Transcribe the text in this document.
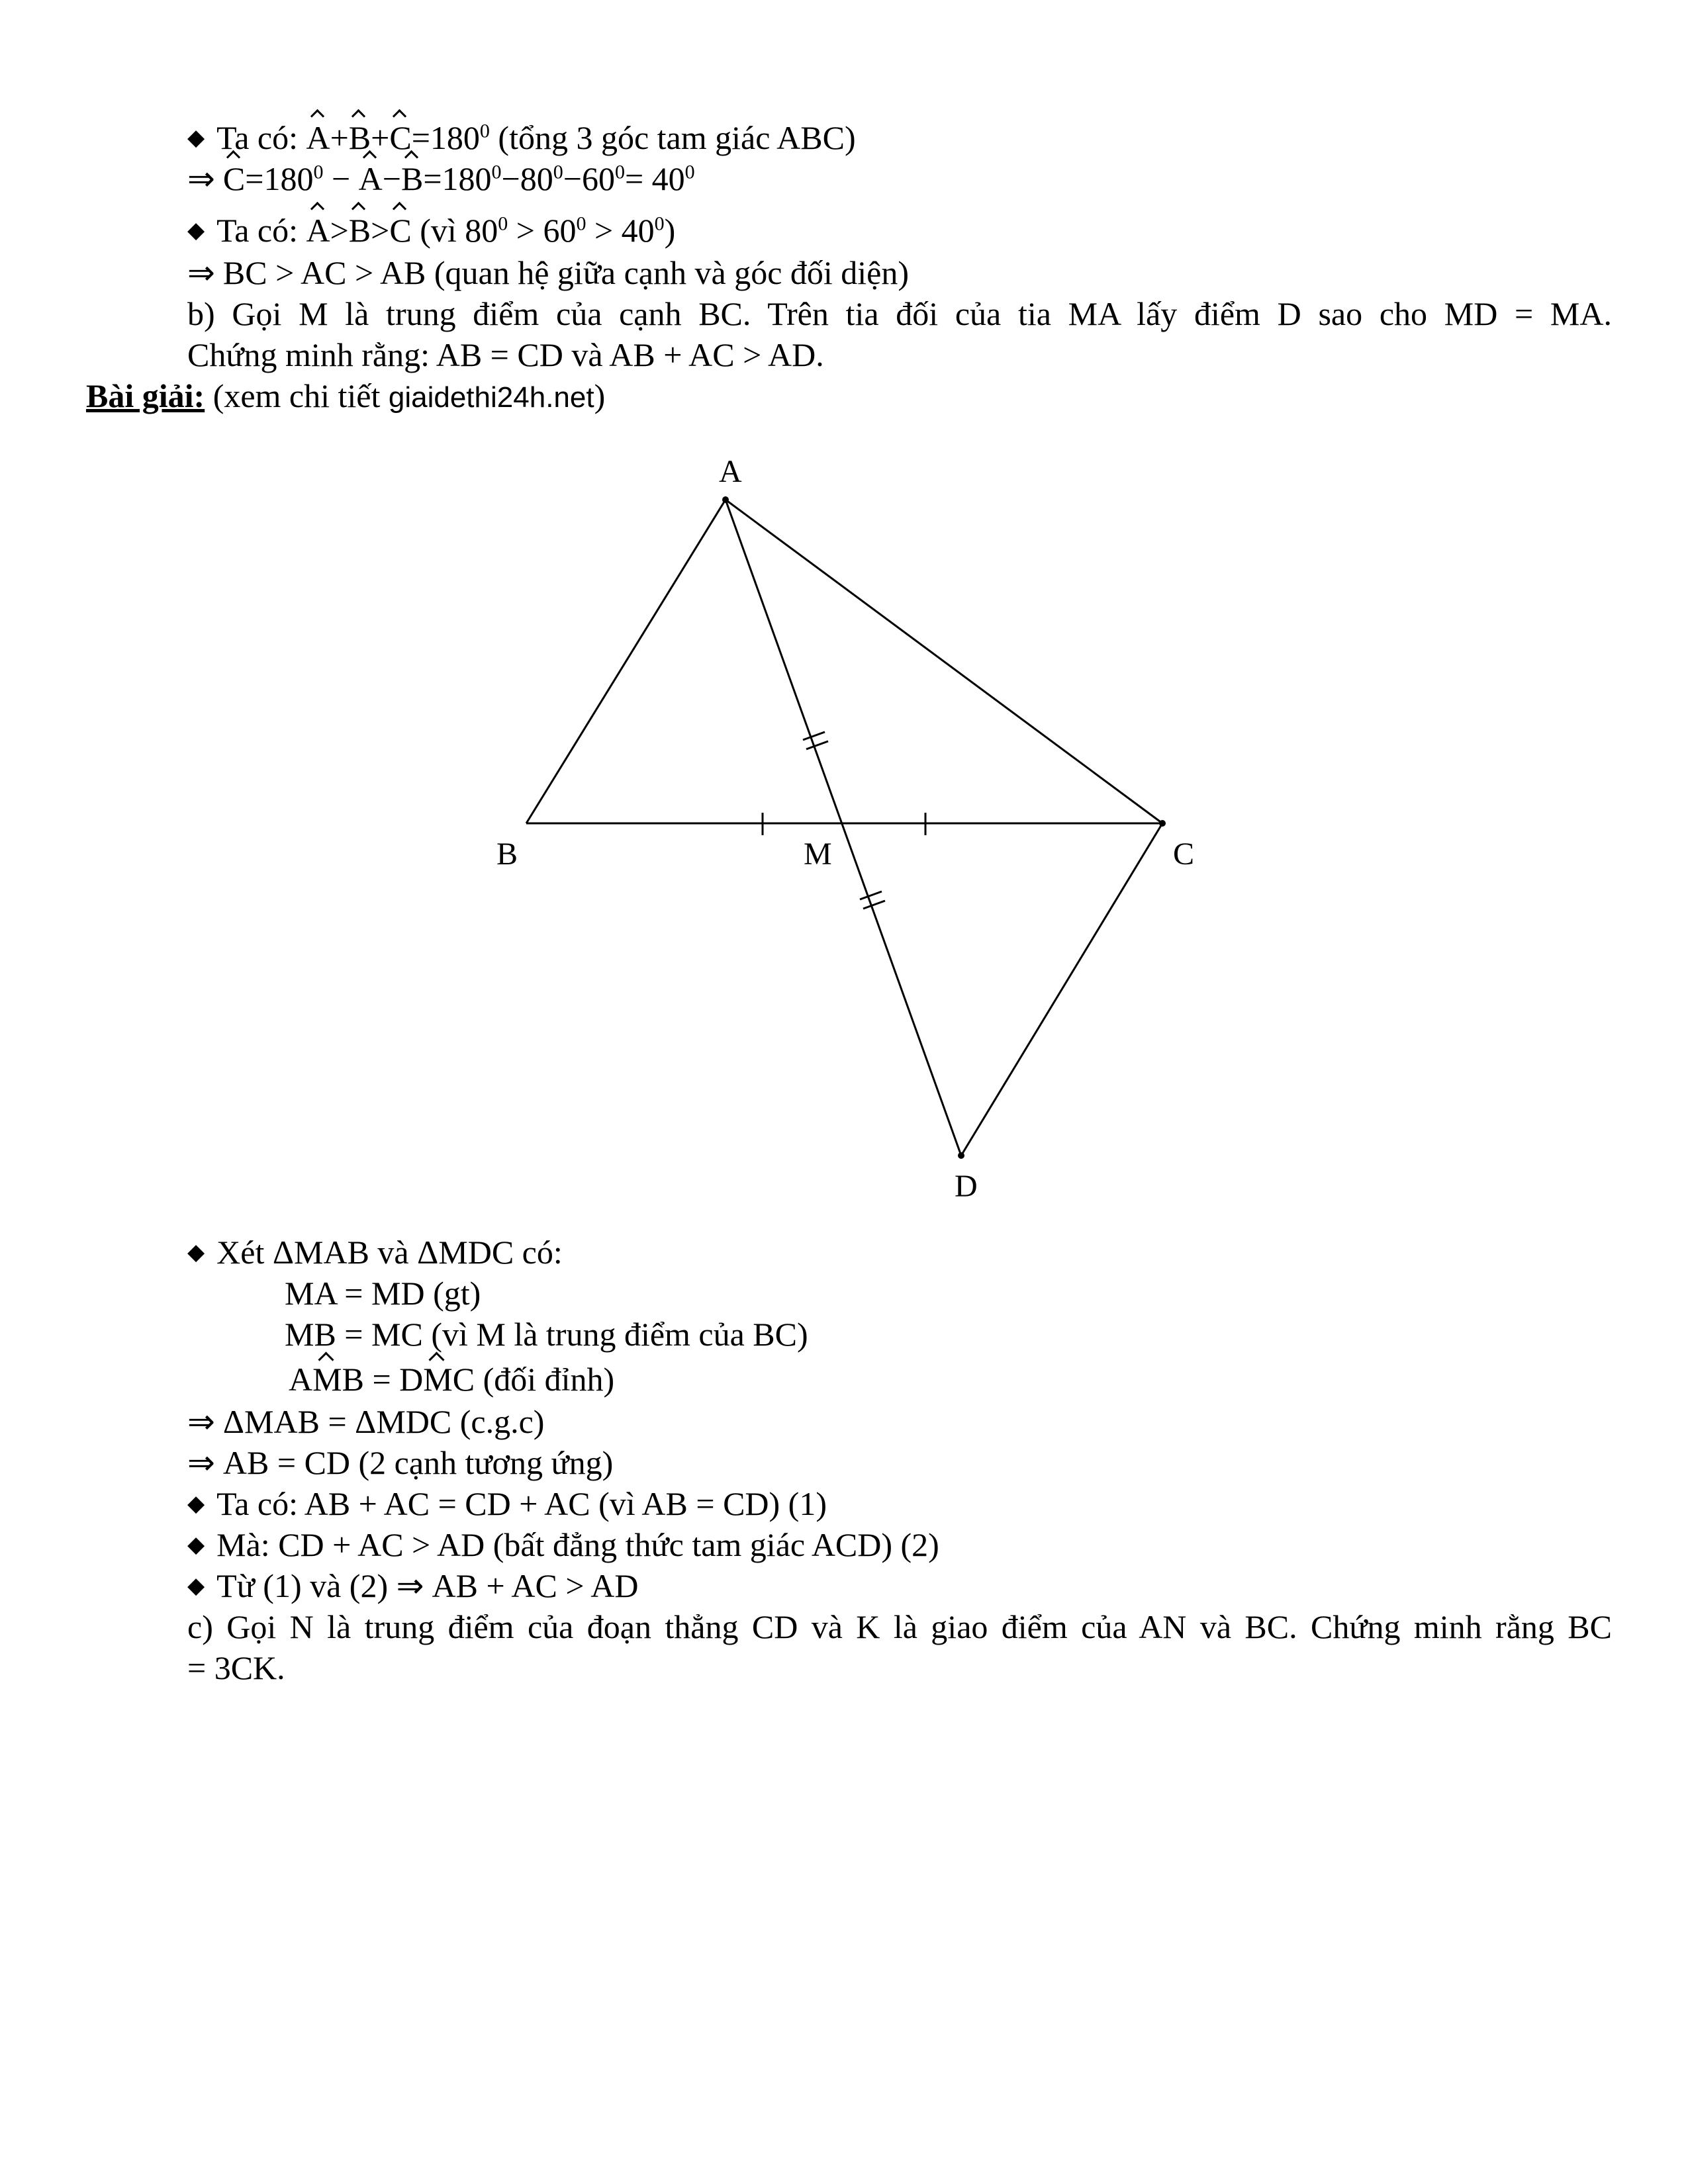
◆ Ta có: $A+B+C=180^0$ (tổng 3 góc tam giác ABC)
⇒ $C=180^0 - A-B=180^0-80^0-60^0= 40^0$
◆ Ta có: A>B>C (vì $80^0 > 60^0 > 40^0$)
⇒ BC > AC > AB (quan hệ giữa cạnh và góc đối diện)
b) Gọi M là trung điểm của cạnh BC. Trên tia đối của tia MA lấy điểm D sao cho MD = MA.
Chứng minh rằng: AB = CD và AB + AC > AD.
Bài giải: (xem chi tiết giaidethi24h.net)
A
B	M	C
D
◆ Xét ΔMAB và ΔMDC có:
MA = MD (gt)
MB = MC (vì M là trung điểm của BC)
AMB = DMC (đối đỉnh)
⇒ ΔMAB = ΔMDC (c.g.c)
⇒ AB = CD (2 cạnh tương ứng)
◆ Ta có: AB + AC = CD + AC (vì AB = CD) (1)
◆ Mà: CD + AC > AD (bất đẳng thức tam giác ACD) (2)
◆ Từ (1) và (2) ⇒ AB + AC > AD
c) Gọi N là trung điểm của đoạn thẳng CD và K là giao điểm của AN và BC. Chứng minh rằng BC
= 3CK.
